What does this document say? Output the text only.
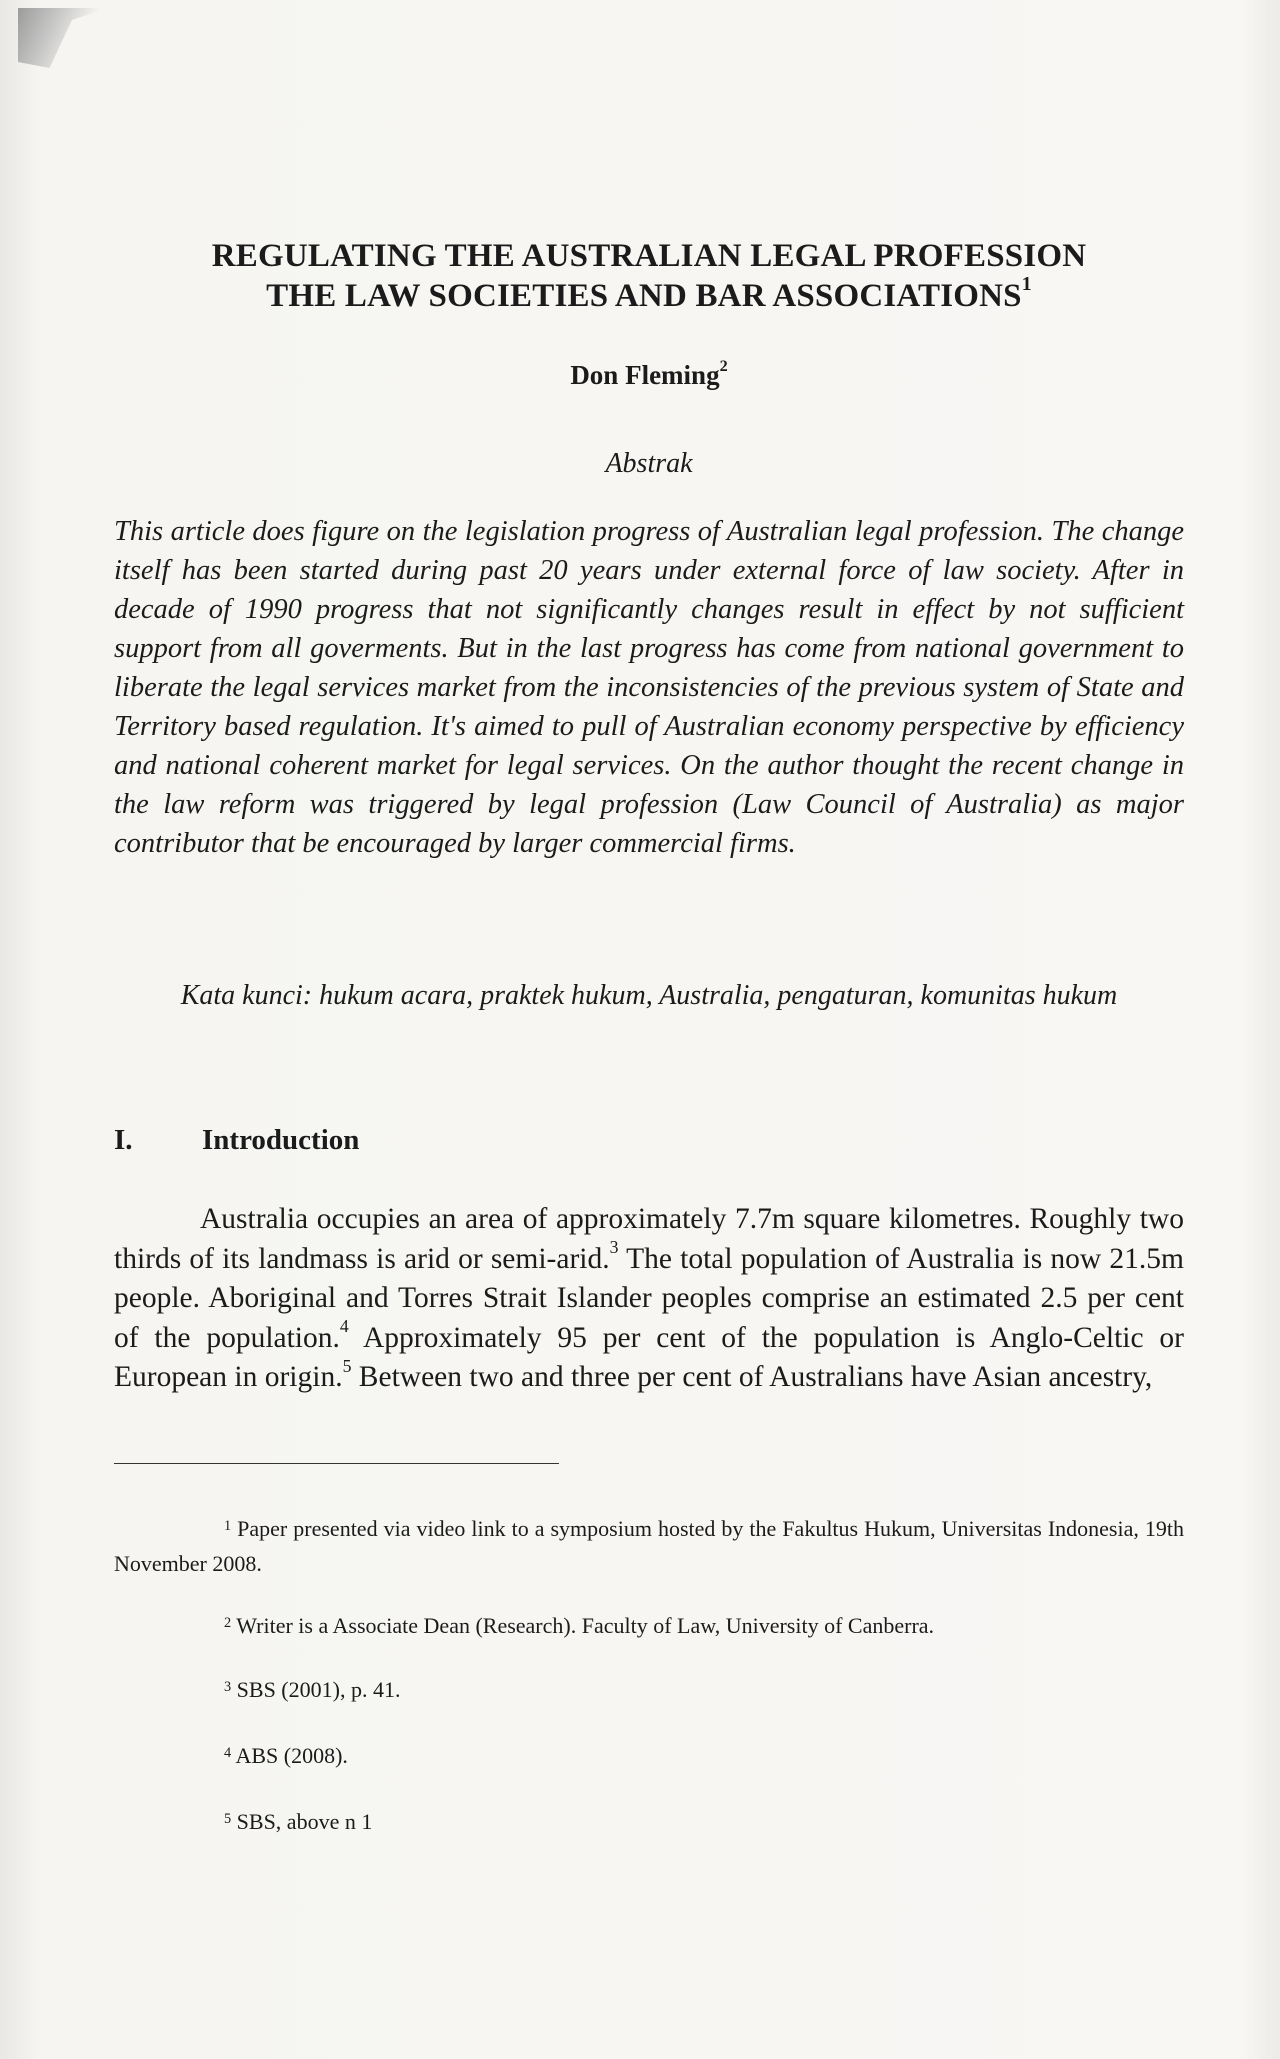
REGULATING THE AUSTRALIAN LEGAL PROFESSION
THE LAW SOCIETIES AND BAR ASSOCIATIONS$^1$
Don Fleming$^2$
Abstrak
This article does figure on the legislation progress of Australian legal profession. The change itself has been started during past 20 years under external force of law society. After in decade of 1990 progress that not significantly changes result in effect by not sufficient support from all goverments. But in the last progress has come from national government to liberate the legal services market from the inconsistencies of the previous system of State and Territory based regulation. It's aimed to pull of Australian economy perspective by efficiency and national coherent market for legal services. On the author thought the recent change in the law reform was triggered by legal profession (Law Council of Australia) as major contributor that be encouraged by larger commercial firms.
Kata kunci: hukum acara, praktek hukum, Australia, pengaturan, komunitas hukum
I. Introduction
Australia occupies an area of approximately 7.7m square kilometres. Roughly two thirds of its landmass is arid or semi-arid.$^3$ The total population of Australia is now 21.5m people. Aboriginal and Torres Strait Islander peoples comprise an estimated 2.5 per cent of the population.$^4$ Approximately 95 per cent of the population is Anglo-Celtic or European in origin.$^5$ Between two and three per cent of Australians have Asian ancestry,
$^1$ Paper presented via video link to a symposium hosted by the Fakultus Hukum, Universitas Indonesia, 19th November 2008.
$^2$ Writer is a Associate Dean (Research). Faculty of Law, University of Canberra.
$^3$ SBS (2001), p. 41.
$^4$ ABS (2008).
$^5$ SBS, above n 1
